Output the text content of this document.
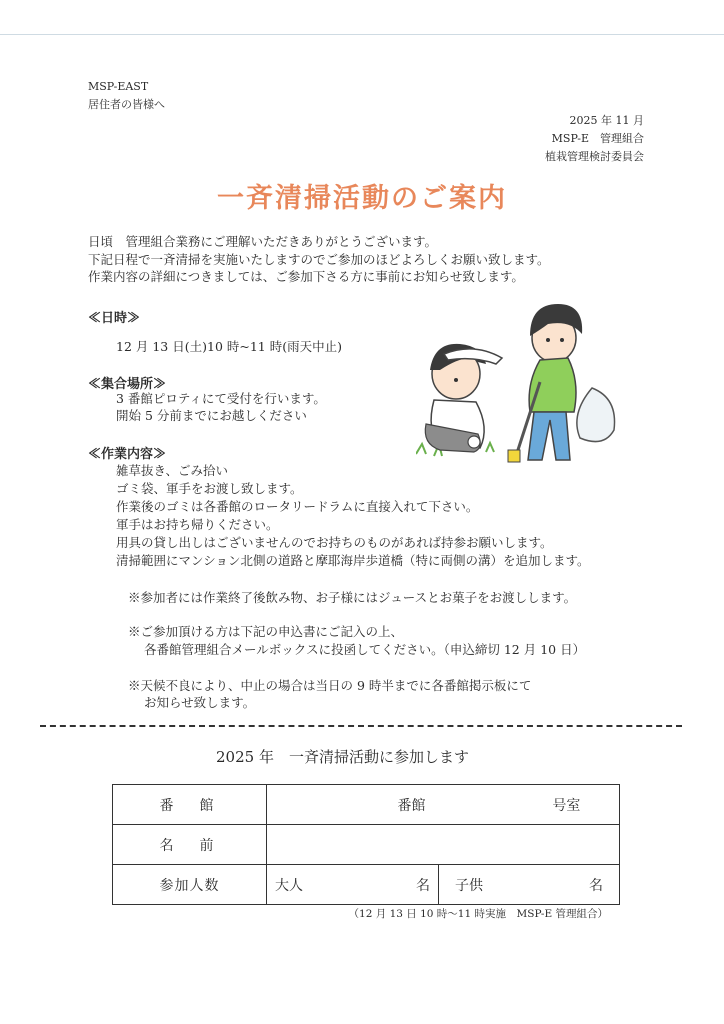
MSP-EAST
居住者の皆様へ
2025 年 11 月
MSP-E　管理組合
植栽管理検討委員会
一斉清掃活動のご案内
日頃　管理組合業務にご理解いただきありがとうございます。
下記日程で一斉清掃を実施いたしますのでご参加のほどよろしくお願い致します。
作業内容の詳細につきましては、ご参加下さる方に事前にお知らせ致します。
≪日時≫
12 月 13 日(土)10 時~11 時(雨天中止)
≪集合場所≫
3 番館ピロティにて受付を行います。
開始 5 分前までにお越しください
≪作業内容≫
雑草抜き、ごみ拾い
ゴミ袋、軍手をお渡し致します。
作業後のゴミは各番館のロータリードラムに直接入れて下さい。
軍手はお持ち帰りください。
用具の貸し出しはございませんのでお持ちのものがあれば持参お願いします。
清掃範囲にマンション北側の道路と摩耶海岸歩道橋（特に両側の溝）を追加します。
※参加者には作業終了後飲み物、お子様にはジュースとお菓子をお渡しします。
※ご参加頂ける方は下記の申込書にご記入の上、
各番館管理組合メールボックスに投函してください。（申込締切 12 月 10 日）
※天候不良により、中止の場合は当日の 9 時半までに各番館掲示板にて
お知らせ致します。
2025 年　一斉清掃活動に参加します
番　館	番館 号室
名　前	
参加人数	大人 名 子供 名
（12 月 13 日 10 時～11 時実施　MSP-E 管理組合）
